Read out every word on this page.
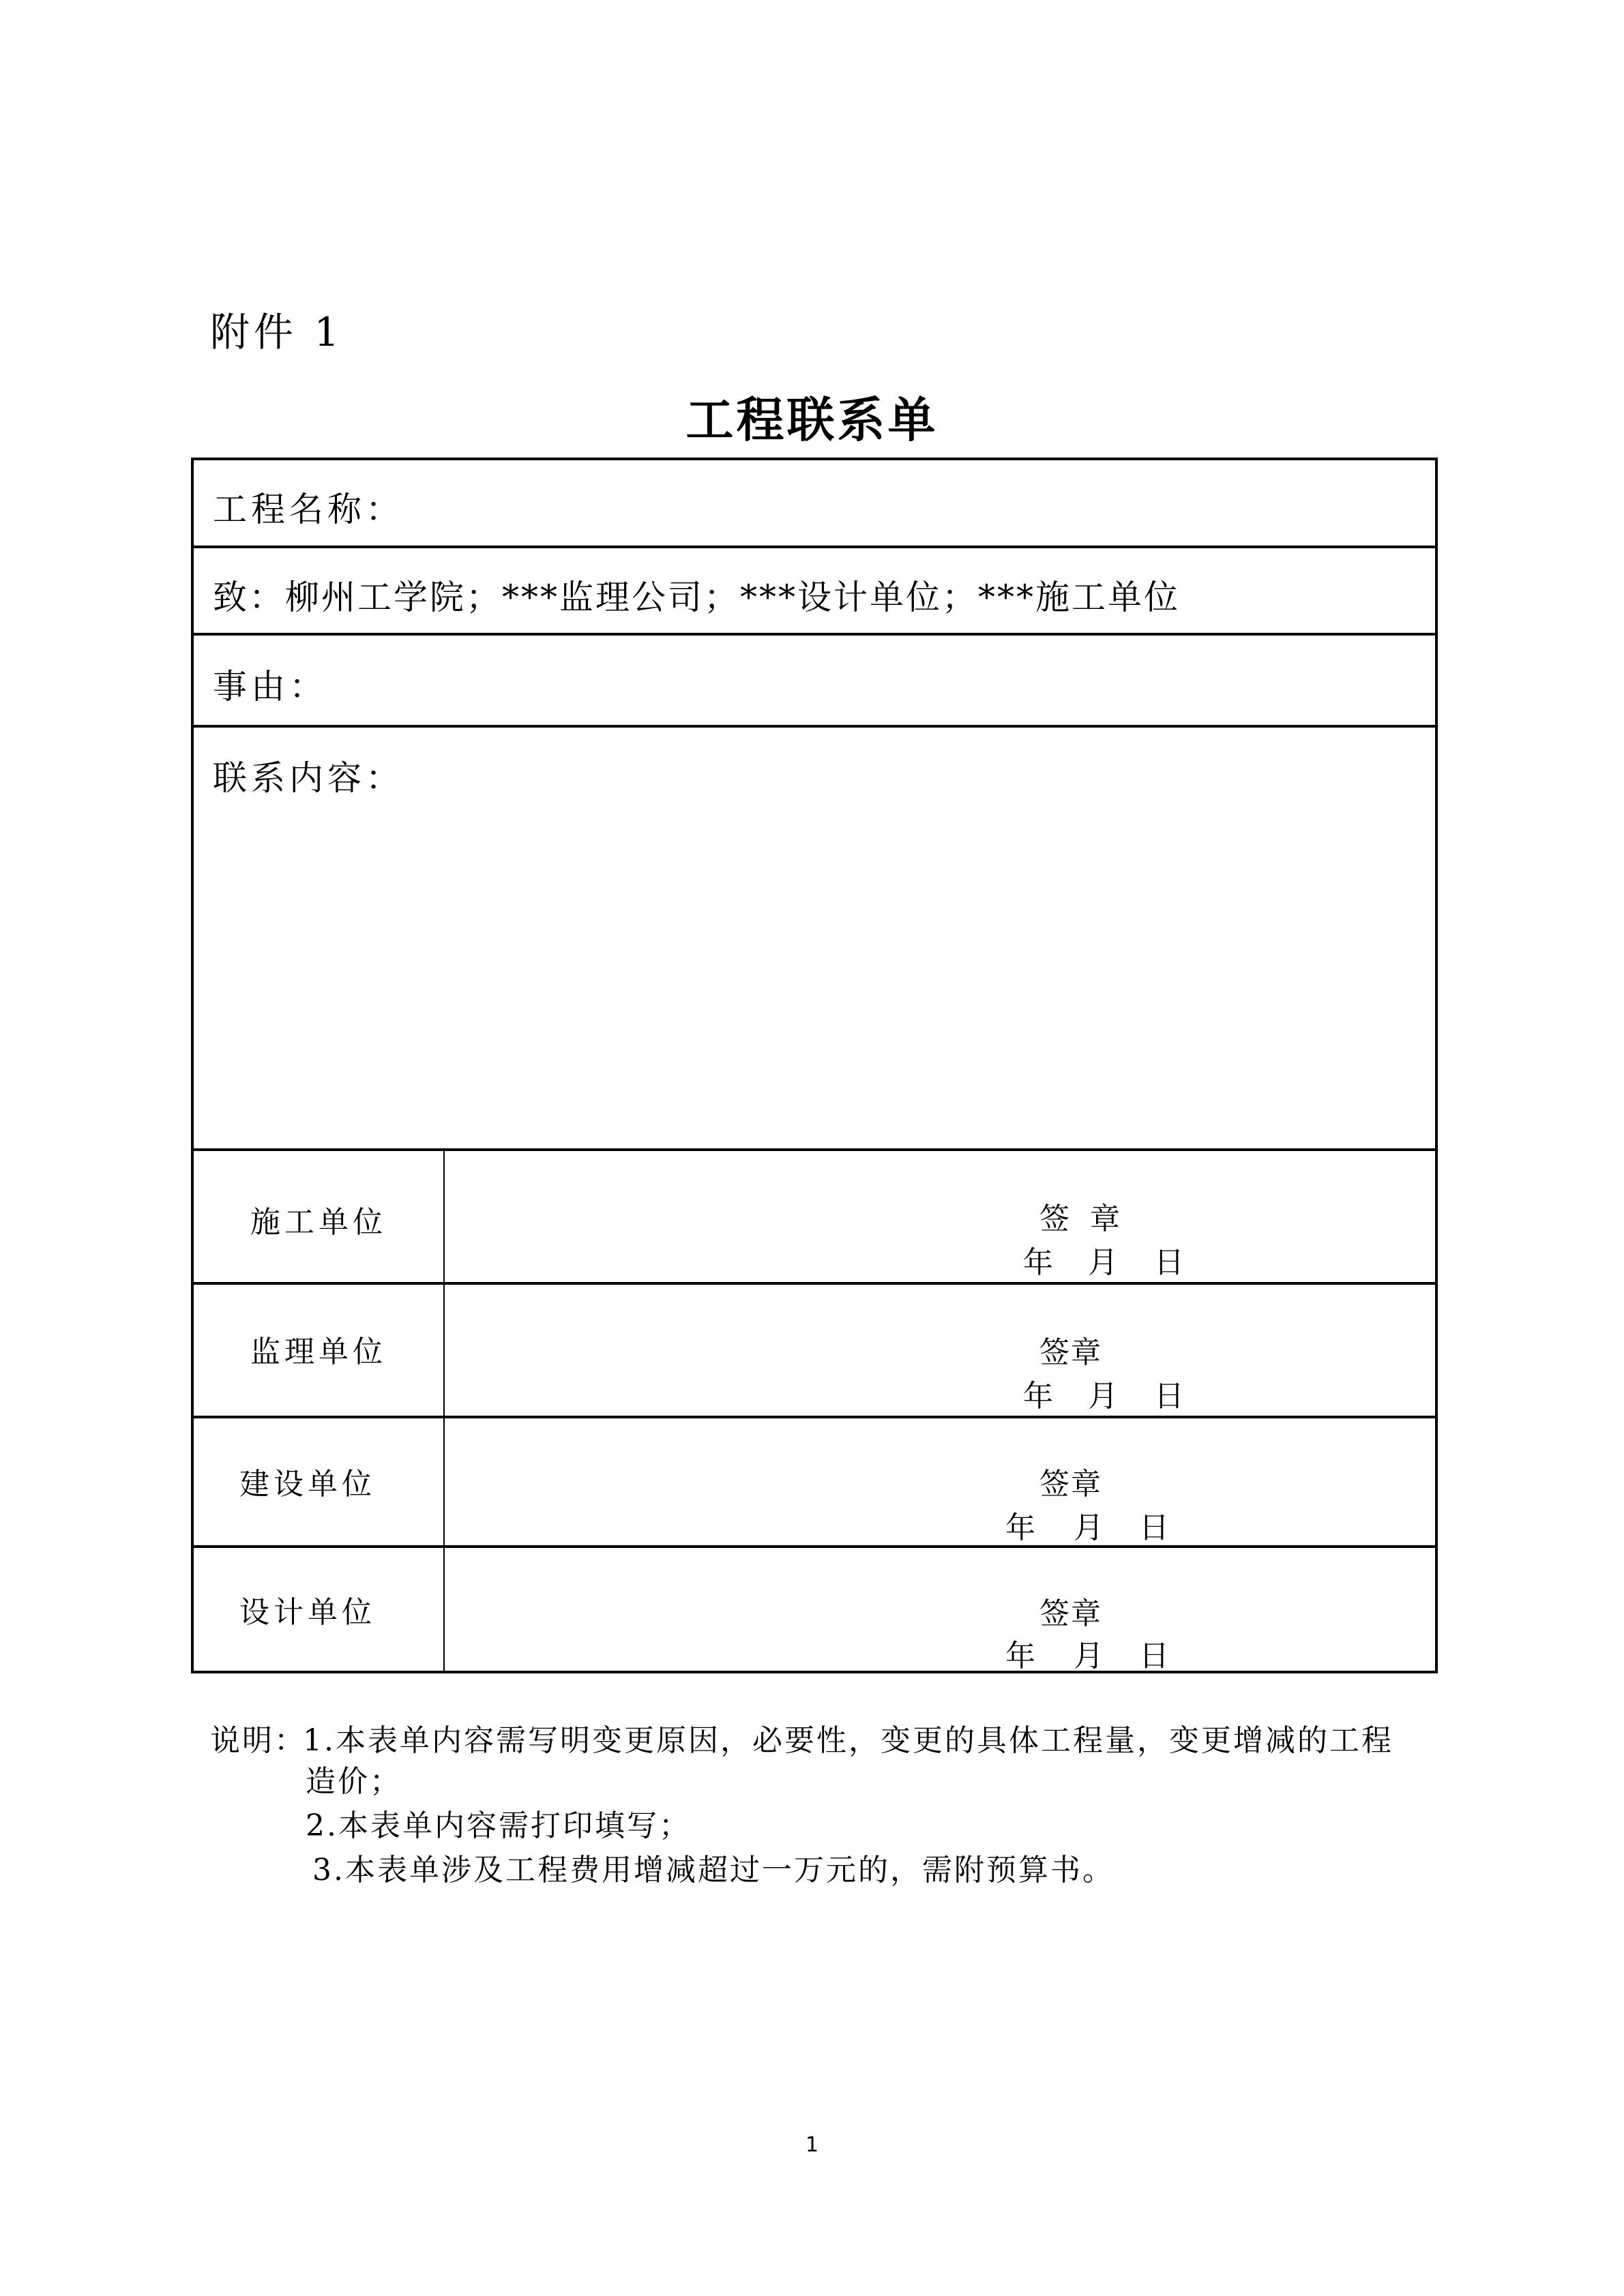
附件 1
工程联系单
工程名称：
致：柳州工学院；***监理公司；***设计单位；***施工单位
事由：
联系内容：
施工单位	签 章
年 月 日
监理单位	签章
年 月 日
建设单位	签章
年 月 日
设计单位	签章
年 月 日
说明：
1.本表单内容需写明变更原因，必要性，变更的具体工程量，变更增减的工程
造价；
2.本表单内容需打印填写；
3.本表单涉及工程费用增减超过一万元的，需附预算书。
1
